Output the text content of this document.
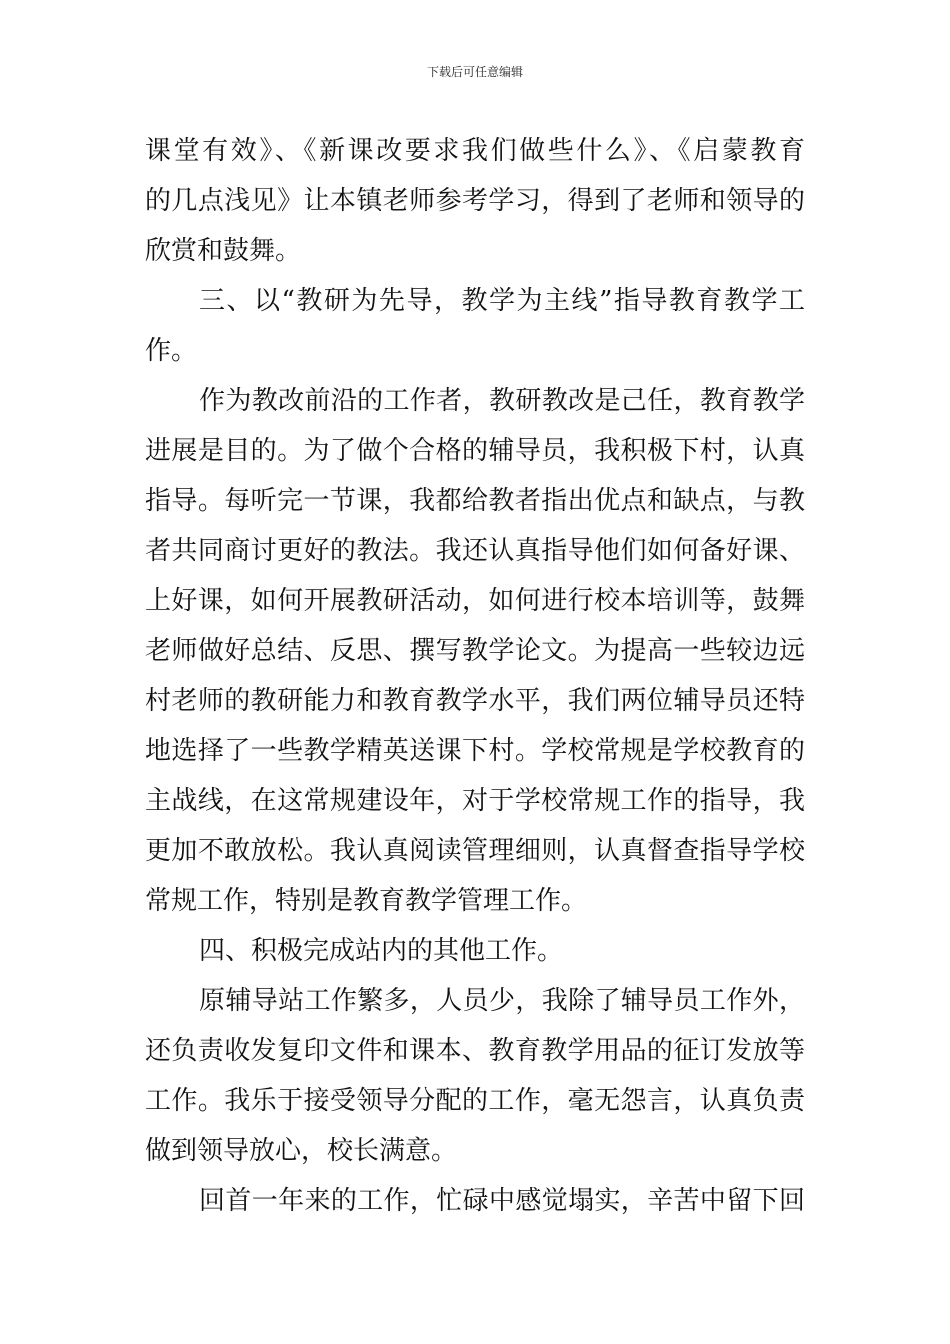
下载后可任意编辑
课堂有效》、《新课改要求我们做些什么》、《启蒙教育
的几点浅见》让本镇老师参考学习，得到了老师和领导的
欣赏和鼓舞。
三、以“教研为先导，教学为主线”指导教育教学工
作。
作为教改前沿的工作者，教研教改是己任，教育教学
进展是目的。为了做个合格的辅导员，我积极下村，认真
指导。每听完一节课，我都给教者指出优点和缺点，与教
者共同商讨更好的教法。我还认真指导他们如何备好课、
上好课，如何开展教研活动，如何进行校本培训等，鼓舞
老师做好总结、反思、撰写教学论文。为提高一些较边远
村老师的教研能力和教育教学水平，我们两位辅导员还特
地选择了一些教学精英送课下村。学校常规是学校教育的
主战线，在这常规建设年，对于学校常规工作的指导，我
更加不敢放松。我认真阅读管理细则，认真督查指导学校
常规工作，特别是教育教学管理工作。
四、积极完成站内的其他工作。
原辅导站工作繁多，人员少，我除了辅导员工作外，
还负责收发复印文件和课本、教育教学用品的征订发放等
工作。我乐于接受领导分配的工作，毫无怨言，认真负责
做到领导放心，校长满意。
回首一年来的工作，忙碌中感觉塌实，辛苦中留下回
